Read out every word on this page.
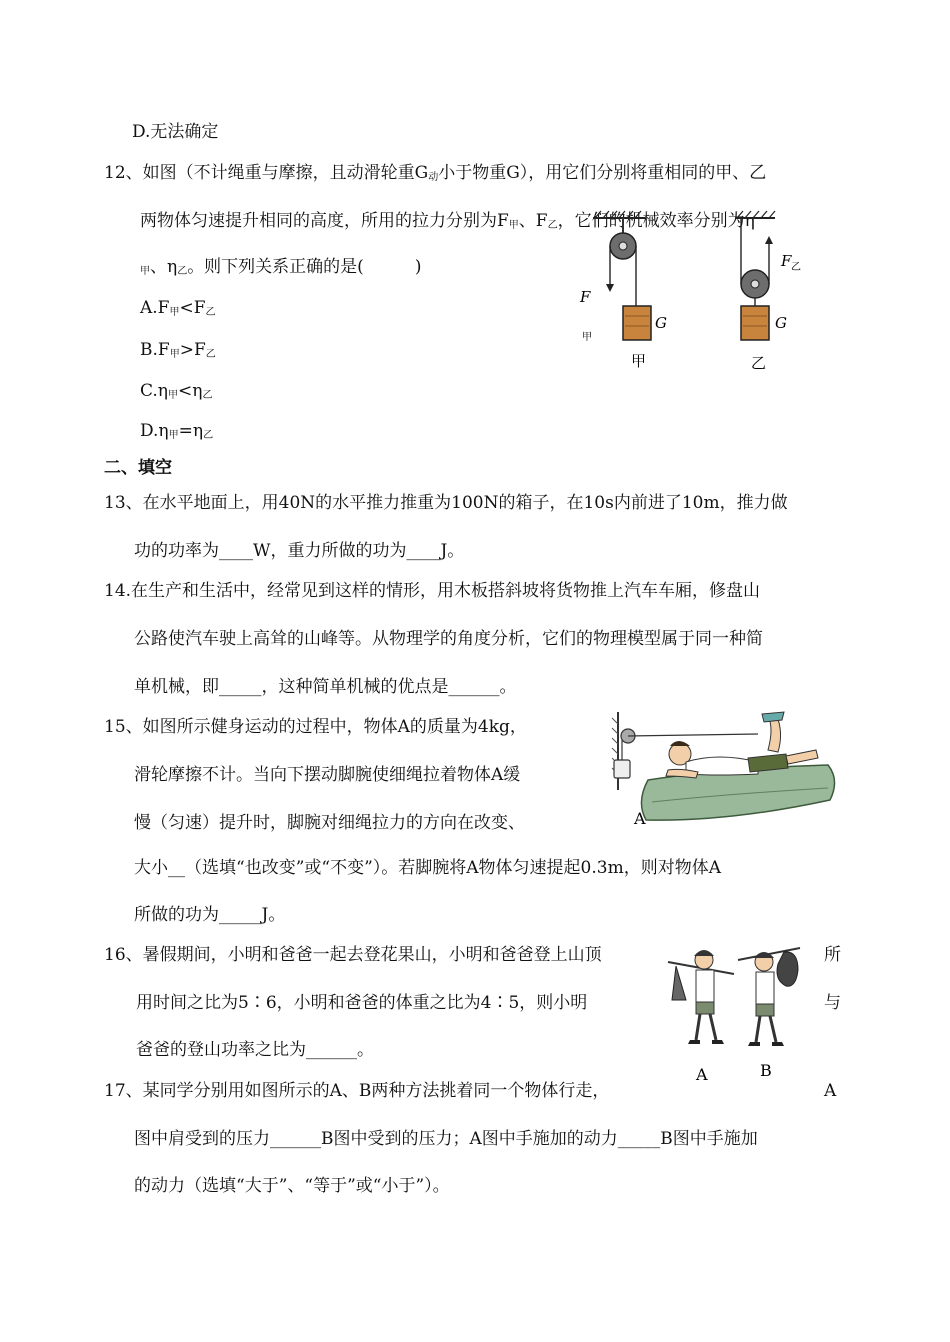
D.无法确定
12、如图（不计绳重与摩擦，且动滑轮重$G_动$小于物重G），用它们分别将重相同的甲、乙
两物体匀速提升相同的高度，所用的拉力分别为$F_甲$、$F_乙$，它们的机械效率分别为η
$_甲$、$\eta_乙$。则下列关系正确的是(　　　)
$A.F_甲<F_乙$
$B.F_甲>F_乙$
$C.\eta_甲<\eta_乙$
$D.\eta_甲=\eta_乙$
F
甲
G
甲
F 乙
G
乙
二、填空
13、在水平地面上，用40N的水平推力推重为100N的箱子，在10s内前进了10m，推力做
功的功率为____W，重力所做的功为____J。
14.在生产和生活中，经常见到这样的情形，用木板搭斜坡将货物推上汽车车厢，修盘山
公路使汽车驶上高耸的山峰等。从物理学的角度分析，它们的物理模型属于同一种简
单机械，即_____，这种简单机械的优点是______。
15、如图所示健身运动的过程中，物体A的质量为4kg，
滑轮摩擦不计。当向下摆动脚腕使细绳拉着物体A缓
慢（匀速）提升时，脚腕对细绳拉力的方向在改变、
大小__（选填“也改变”或“不变”）。若脚腕将A物体匀速提起0.3m，则对物体A
所做的功为_____J。
A
16、暑假期间，小明和爸爸一起去登花果山，小明和爸爸登上山顶	所
用时间之比为5∶6，小明和爸爸的体重之比为4∶5，则小明	与
爸爸的登山功率之比为______。
A	B
17、某同学分别用如图所示的A、B两种方法挑着同一个物体行走，	A
图中肩受到的压力______B图中受到的压力；A图中手施加的动力_____B图中手施加
的动力（选填“大于”、“等于”或“小于”）。
